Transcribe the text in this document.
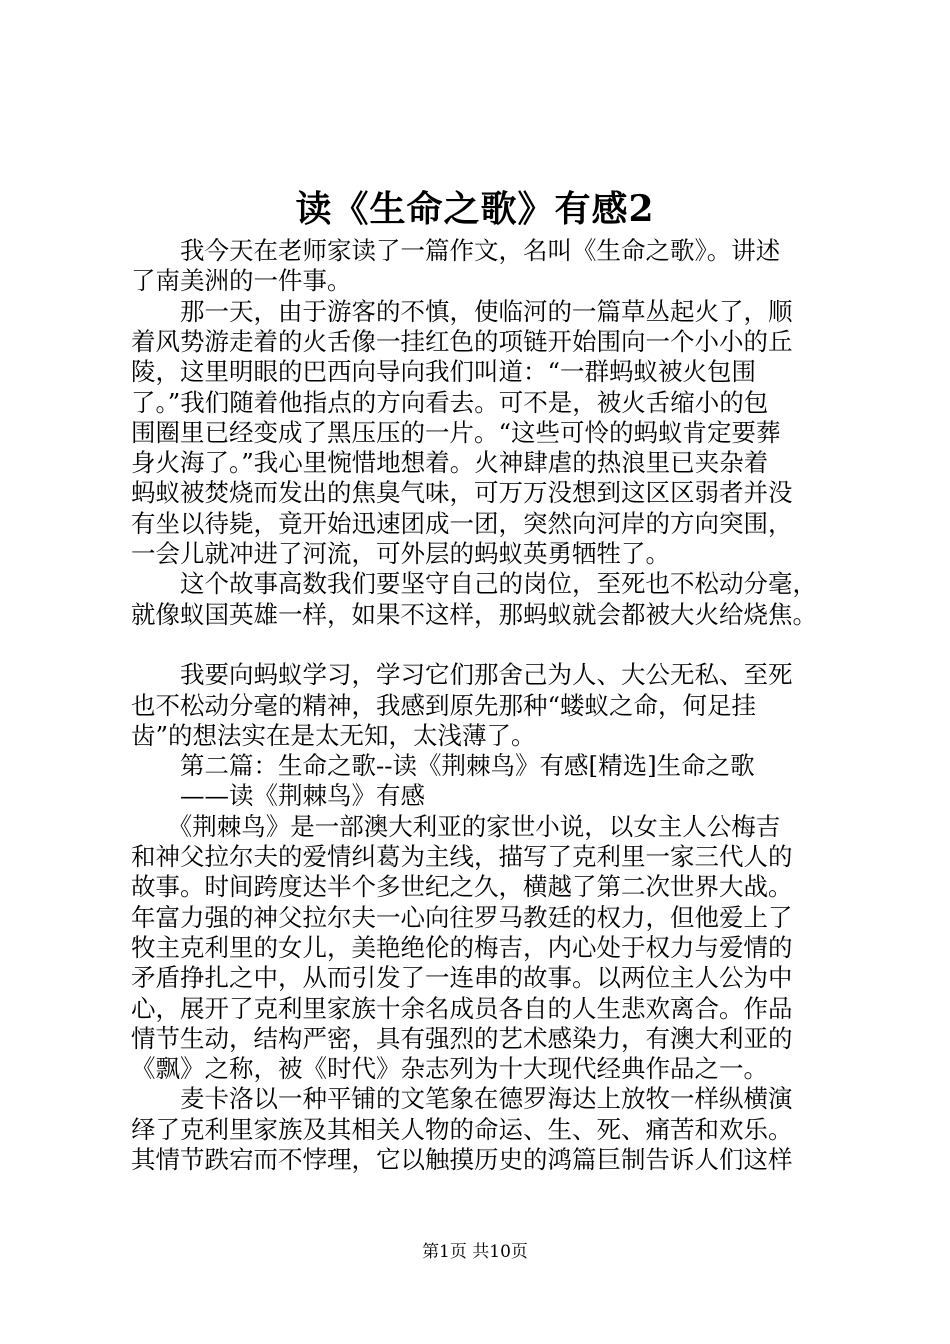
读《生命之歌》有感2
　　我今天在老师家读了一篇作文，名叫《生命之歌》。讲述
了南美洲的一件事。
　　那一天，由于游客的不慎，使临河的一篇草丛起火了，顺
着风势游走着的火舌像一挂红色的项链开始围向一个小小的丘
陵，这里明眼的巴西向导向我们叫道：“一群蚂蚁被火包围
了。”我们随着他指点的方向看去。可不是，被火舌缩小的包
围圈里已经变成了黑压压的一片。“这些可怜的蚂蚁肯定要葬
身火海了。”我心里惋惜地想着。火神肆虐的热浪里已夹杂着
蚂蚁被焚烧而发出的焦臭气味，可万万没想到这区区弱者并没
有坐以待毙，竟开始迅速团成一团，突然向河岸的方向突围，
一会儿就冲进了河流，可外层的蚂蚁英勇牺牲了。
　　这个故事高数我们要坚守自己的岗位，至死也不松动分毫，
就像蚁国英雄一样，如果不这样，那蚂蚁就会都被大火给烧焦。
　　我要向蚂蚁学习，学习它们那舍己为人、大公无私、至死
也不松动分毫的精神，我感到原先那种“蝼蚁之命，何足挂
齿”的想法实在是太无知，太浅薄了。
　　第二篇：生命之歌--读《荆棘鸟》有感[精选]生命之歌
　　——读《荆棘鸟》有感
　　《荆棘鸟》是一部澳大利亚的家世小说，以女主人公梅吉
和神父拉尔夫的爱情纠葛为主线，描写了克利里一家三代人的
故事。时间跨度达半个多世纪之久，横越了第二次世界大战。
年富力强的神父拉尔夫一心向往罗马教廷的权力，但他爱上了
牧主克利里的女儿，美艳绝伦的梅吉，内心处于权力与爱情的
矛盾挣扎之中，从而引发了一连串的故事。以两位主人公为中
心，展开了克利里家族十余名成员各自的人生悲欢离合。作品
情节生动，结构严密，具有强烈的艺术感染力，有澳大利亚的
《飘》之称，被《时代》杂志列为十大现代经典作品之一。
　　麦卡洛以一种平铺的文笔象在德罗海达上放牧一样纵横演
绎了克利里家族及其相关人物的命运、生、死、痛苦和欢乐。
其情节跌宕而不悖理，它以触摸历史的鸿篇巨制告诉人们这样
第1页 共10页
